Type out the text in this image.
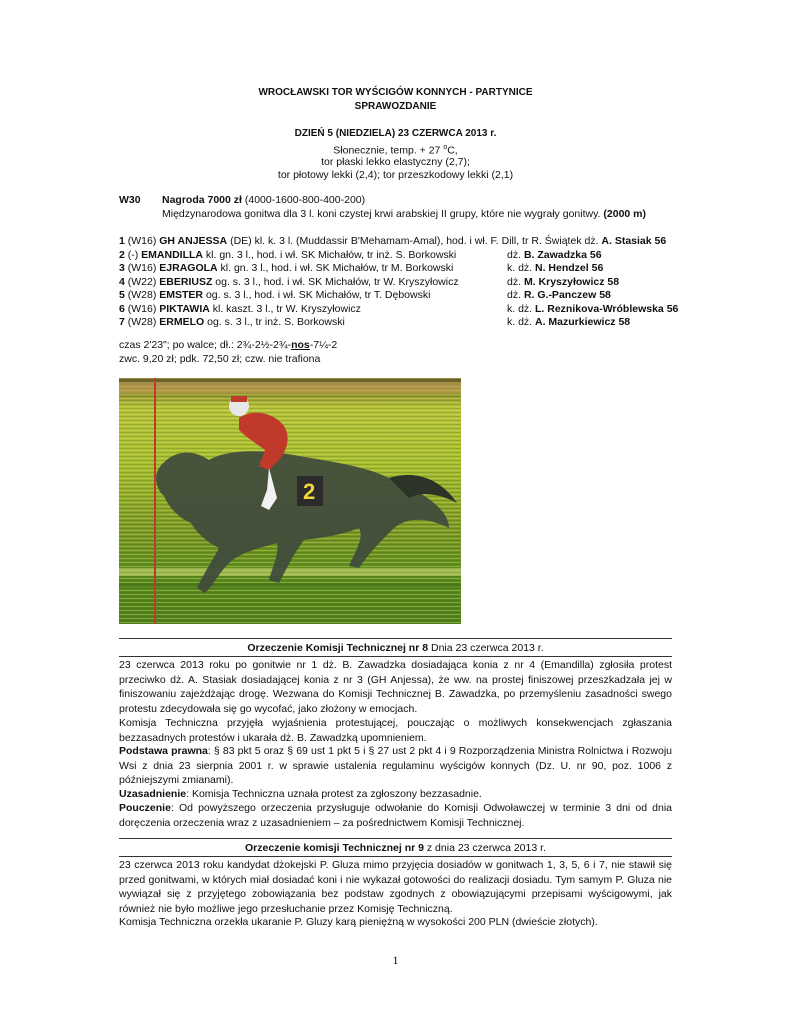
WROCŁAWSKI TOR WYŚCIGÓW KONNYCH - PARTYNICE
SPRAWOZDANIE
DZIEŃ 5 (NIEDZIELA) 23 CZERWCA 2013 r.
Słonecznie, temp. + 27 $^o$C,
tor płaski lekko elastyczny (2,7);
tor płotowy lekki (2,4); tor przeszkodowy lekki (2,1)
W30 Nagroda 7000 zł (4000-1600-800-400-200)
Międzynarodowa gonitwa dla 3 l. koni czystej krwi arabskiej II grupy, które nie wygrały gonitwy. (2000 m)
1 (W16) GH ANJESSA (DE) kl. k. 3 l. (Muddassir B'Mehamam-Amal), hod. i wł. F. Dill, tr R. Świątek dż. A. Stasiak 56
2 (-) EMANDILLA kl. gn. 3 l., hod. i wł. SK Michałów, tr inż. S. Borkowski	dż. B. Zawadzka 56
3 (W16) EJRAGOLA kl. gn. 3 l., hod. i wł. SK Michałów, tr M. Borkowski	k. dż. N. Hendzel 56
4 (W22) EBERIUSZ og. s. 3 l., hod. i wł. SK Michałów, tr W. Kryszyłowicz	dż. M. Kryszyłowicz 58
5 (W28) EMSTER og. s. 3 l., hod. i wł. SK Michałów, tr T. Dębowski	dż. R. G.-Panczew 58
6 (W16) PIKTAWIA kl. kaszt. 3 l., tr W. Kryszyłowicz	k. dż. L. Reznikova-Wróblewska 56
7 (W28) ERMELO og. s. 3 l., tr inż. S. Borkowski	k. dż. A. Mazurkiewicz 58
czas 2'23"; po walce; dł.: 2¾-2½-2¾-nos-7¼-2
zwc. 9,20 zł; pdk. 72,50 zł; czw. nie trafiona
2
Orzeczenie Komisji Technicznej nr 8 Dnia 23 czerwca 2013 r.
23 czerwca 2013 roku po gonitwie nr 1 dż. B. Zawadzka dosiadająca konia z nr 4 (Emandilla) zgłosiła protest przeciwko dż. A. Stasiak dosiadającej konia z nr 3 (GH Anjessa), że ww. na prostej finiszowej przeszkadzała jej w finiszowaniu zajeżdżając drogę. Wezwana do Komisji Technicznej B. Zawadzka, po przemyśleniu zasadności swego protestu zdecydowała się go wycofać, jako złożony w emocjach.
Komisja Techniczna przyjęła wyjaśnienia protestującej, pouczając o możliwych konsekwencjach zgłaszania bezzasadnych protestów i ukarała dż. B. Zawadzką upomnieniem.
Podstawa prawna: § 83 pkt 5 oraz § 69 ust 1 pkt 5 i § 27 ust 2 pkt 4 i 9 Rozporządzenia Ministra Rolnictwa i Rozwoju Wsi z dnia 23 sierpnia 2001 r. w sprawie ustalenia regulaminu wyścigów konnych (Dz. U. nr 90, poz. 1006 z późniejszymi zmianami).
Uzasadnienie: Komisja Techniczna uznała protest za zgłoszony bezzasadnie.
Pouczenie: Od powyższego orzeczenia przysługuje odwołanie do Komisji Odwoławczej w terminie 3 dni od dnia doręczenia orzeczenia wraz z uzasadnieniem – za pośrednictwem Komisji Technicznej.
Orzeczenie komisji Technicznej nr 9 z dnia 23 czerwca 2013 r.
23 czerwca 2013 roku kandydat dżokejski P. Gluza mimo przyjęcia dosiadów w gonitwach 1, 3, 5, 6 i 7, nie stawił się przed gonitwami, w których miał dosiadać koni i nie wykazał gotowości do realizacji dosiadu. Tym samym P. Gluza nie wywiązał się z przyjętego zobowiązania bez podstaw zgodnych z obowiązującymi przepisami wyścigowymi, jak również nie było możliwe jego przesłuchanie przez Komisję Techniczną.
Komisja Techniczna orzekła ukaranie P. Gluzy karą pieniężną w wysokości 200 PLN (dwieście złotych).
1
